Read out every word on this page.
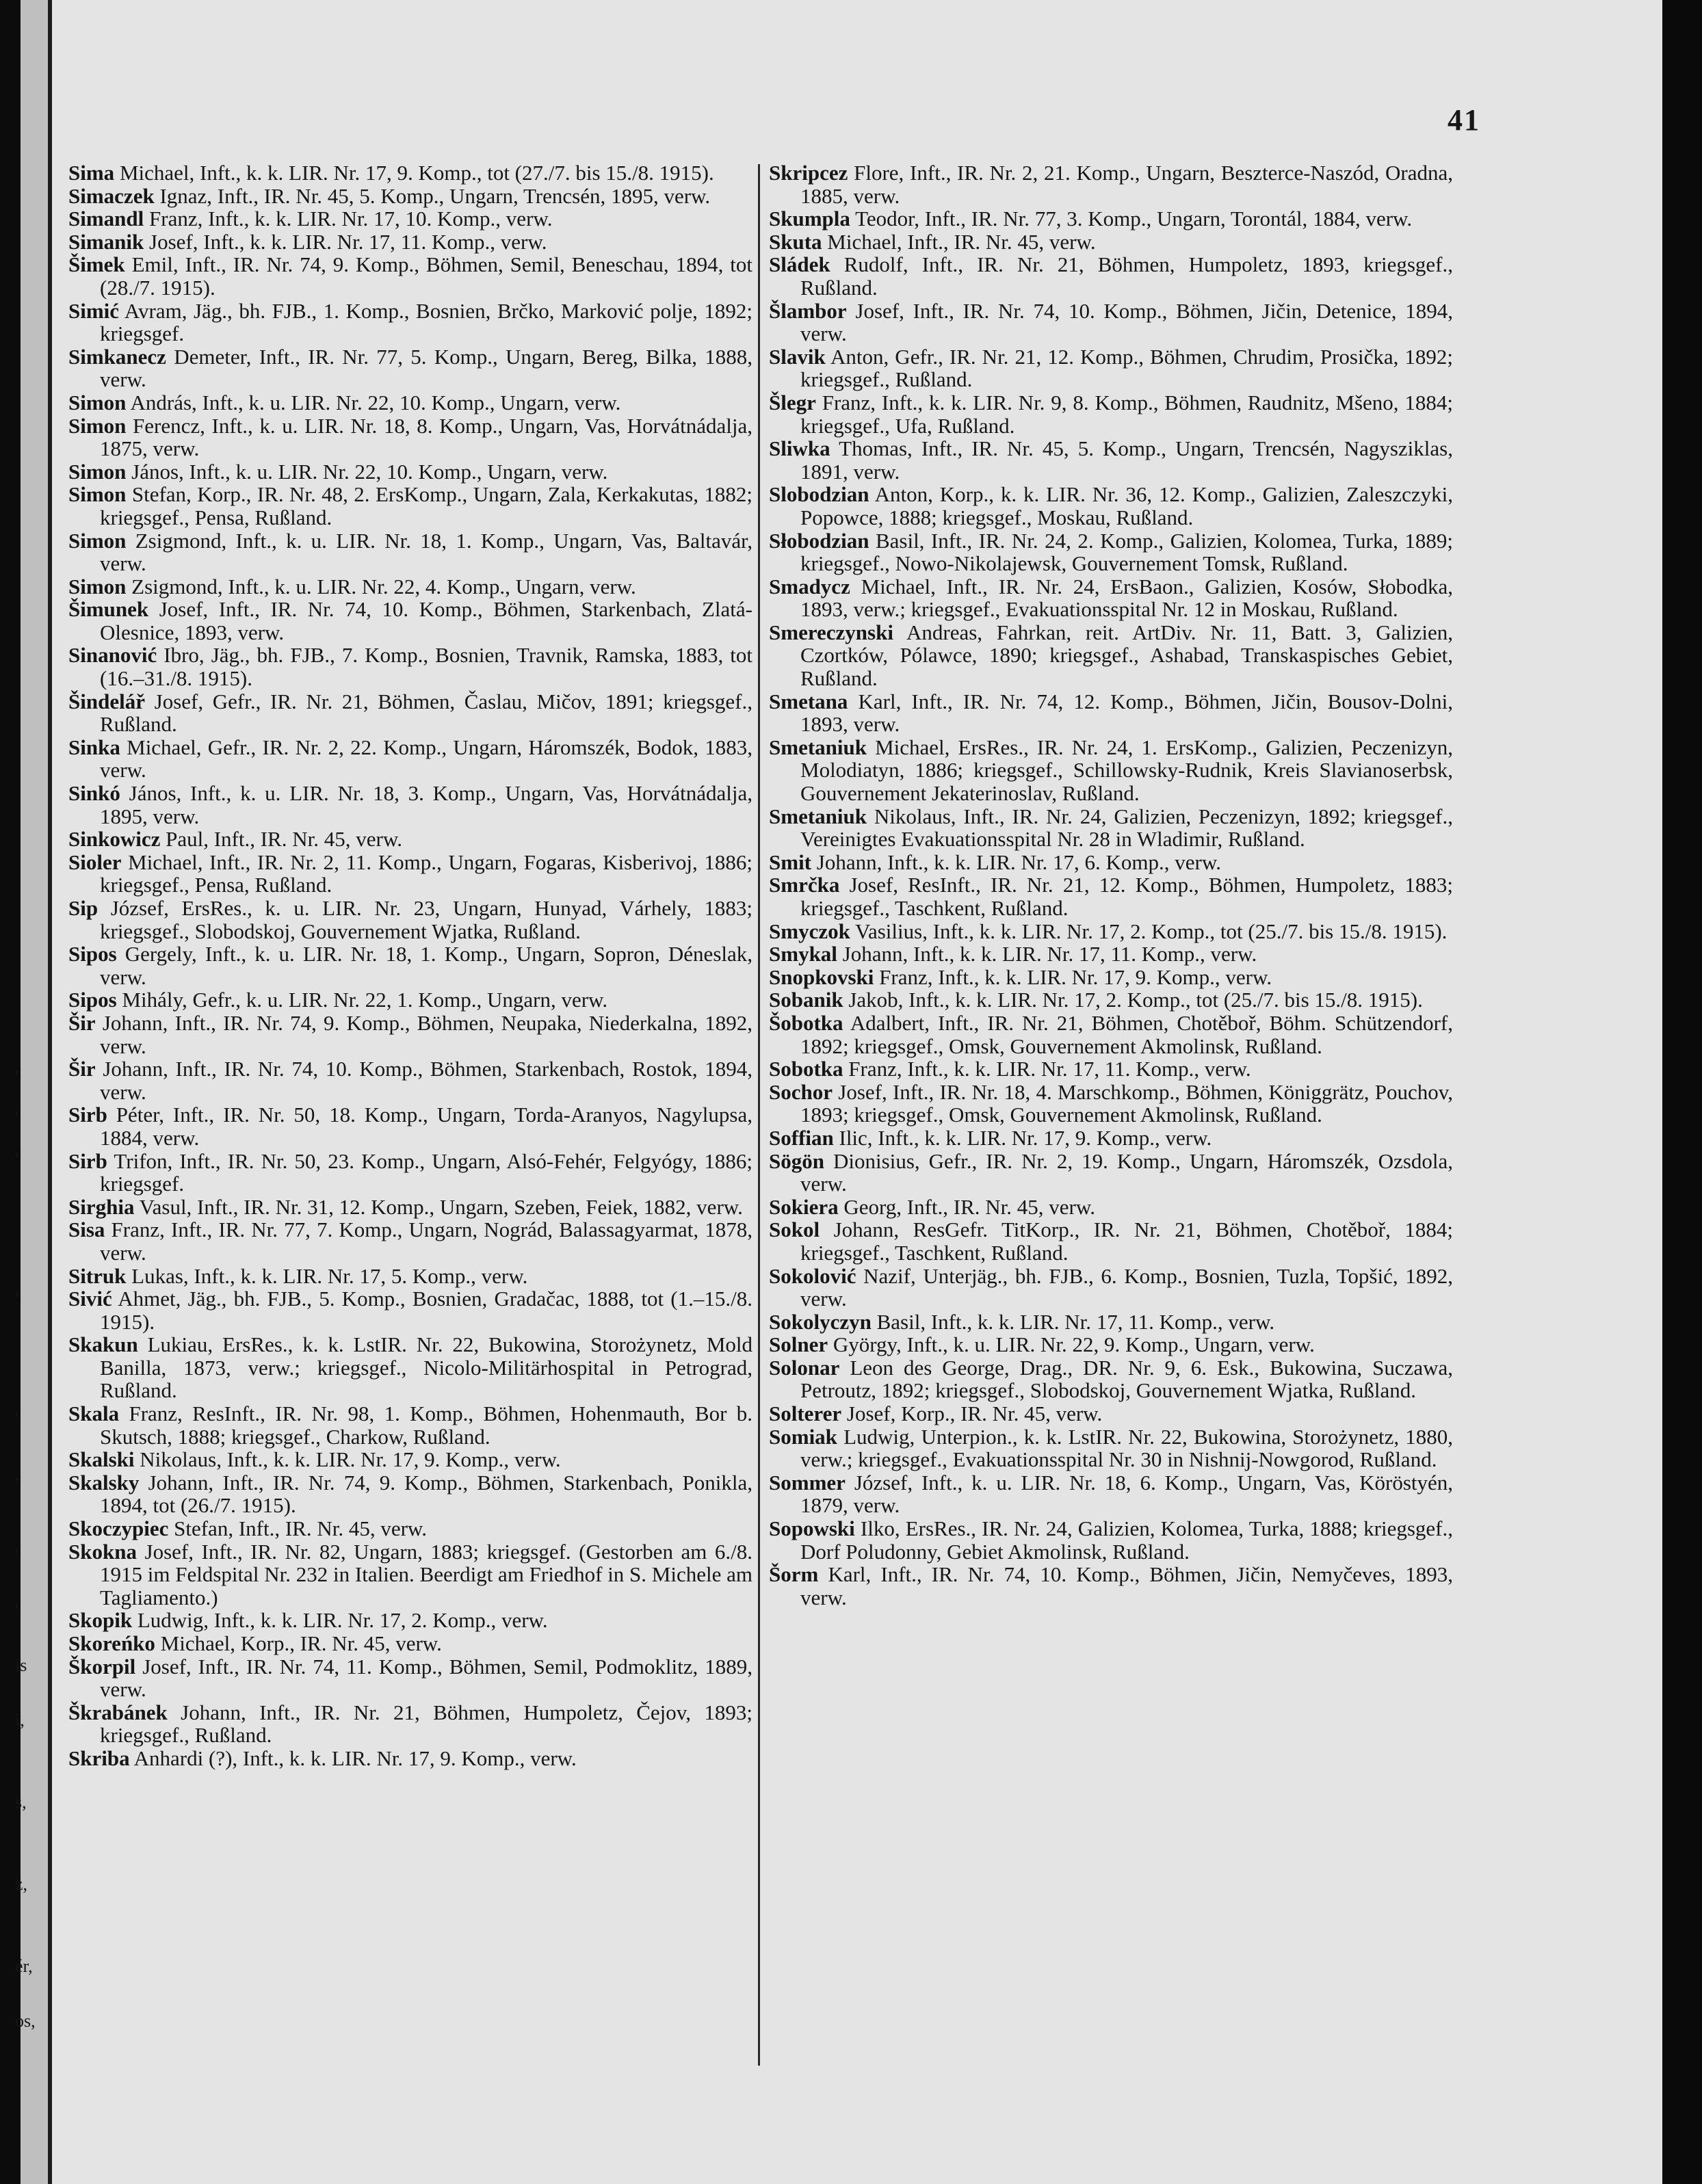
'
'
'
,
'
,
'
'
is
i,
s,
z,
ér,
os,
41

Sima Michael, Inft., k. k. LIR. Nr. 17, 9. Komp., tot (27./7. bis 15./8. 1915).

Simaczek Ignaz, Inft., IR. Nr. 45, 5. Komp., Ungarn, Trencsén, 1895, verw.

Simandl Franz, Inft., k. k. LIR. Nr. 17, 10. Komp., verw.

Simanik Josef, Inft., k. k. LIR. Nr. 17, 11. Komp., verw.

Šimek Emil, Inft., IR. Nr. 74, 9. Komp., Böhmen, Semil, Beneschau, 1894, tot (28./7. 1915).

Simić Avram, Jäg., bh. FJB., 1. Komp., Bosnien, Brčko, Marković polje, 1892; kriegsgef.

Simkanecz Demeter, Inft., IR. Nr. 77, 5. Komp., Ungarn, Bereg, Bilka, 1888, verw.

Simon András, Inft., k. u. LIR. Nr. 22, 10. Komp., Ungarn, verw.

Simon Ferencz, Inft., k. u. LIR. Nr. 18, 8. Komp., Ungarn, Vas, Horvátnádalja, 1875, verw.

Simon János, Inft., k. u. LIR. Nr. 22, 10. Komp., Ungarn, verw.

Simon Stefan, Korp., IR. Nr. 48, 2. ErsKomp., Ungarn, Zala, Kerkakutas, 1882; kriegsgef., Pensa, Rußland.

Simon Zsigmond, Inft., k. u. LIR. Nr. 18, 1. Komp., Ungarn, Vas, Baltavár, verw.

Simon Zsigmond, Inft., k. u. LIR. Nr. 22, 4. Komp., Ungarn, verw.

Šimunek Josef, Inft., IR. Nr. 74, 10. Komp., Böhmen, Starkenbach, Zlatá-Olesnice, 1893, verw.

Sinanović Ibro, Jäg., bh. FJB., 7. Komp., Bosnien, Travnik, Ramska, 1883, tot (16.–31./8. 1915).

Šindelář Josef, Gefr., IR. Nr. 21, Böhmen, Časlau, Mičov, 1891; kriegsgef., Rußland.

Sinka Michael, Gefr., IR. Nr. 2, 22. Komp., Ungarn, Háromszék, Bodok, 1883, verw.

Sinkó János, Inft., k. u. LIR. Nr. 18, 3. Komp., Ungarn, Vas, Horvátnádalja, 1895, verw.

Sinkowicz Paul, Inft., IR. Nr. 45, verw.

Sioler Michael, Inft., IR. Nr. 2, 11. Komp., Ungarn, Fogaras, Kisberivoj, 1886; kriegsgef., Pensa, Rußland.

Sip József, ErsRes., k. u. LIR. Nr. 23, Ungarn, Hunyad, Várhely, 1883; kriegsgef., Slobodskoj, Gouvernement Wjatka, Rußland.

Sipos Gergely, Inft., k. u. LIR. Nr. 18, 1. Komp., Ungarn, Sopron, Déneslak, verw.

Sipos Mihály, Gefr., k. u. LIR. Nr. 22, 1. Komp., Ungarn, verw.

Šir Johann, Inft., IR. Nr. 74, 9. Komp., Böhmen, Neupaka, Niederkalna, 1892, verw.

Šir Johann, Inft., IR. Nr. 74, 10. Komp., Böhmen, Starkenbach, Rostok, 1894, verw.

Sirb Péter, Inft., IR. Nr. 50, 18. Komp., Ungarn, Torda-Aranyos, Nagylupsa, 1884, verw.

Sirb Trifon, Inft., IR. Nr. 50, 23. Komp., Ungarn, Alsó-Fehér, Felgyógy, 1886; kriegsgef.

Sirghia Vasul, Inft., IR. Nr. 31, 12. Komp., Ungarn, Szeben, Feiek, 1882, verw.

Sisa Franz, Inft., IR. Nr. 77, 7. Komp., Ungarn, Nográd, Balassagyarmat, 1878, verw.

Sitruk Lukas, Inft., k. k. LIR. Nr. 17, 5. Komp., verw.

Sivić Ahmet, Jäg., bh. FJB., 5. Komp., Bosnien, Gradačac, 1888, tot (1.–15./8. 1915).

Skakun Lukiau, ErsRes., k. k. LstIR. Nr. 22, Bukowina, Storożynetz, Mold Banilla, 1873, verw.; kriegsgef., Nicolo-Militärhospital in Petrograd, Rußland.

Skala Franz, ResInft., IR. Nr. 98, 1. Komp., Böhmen, Hohenmauth, Bor b. Skutsch, 1888; kriegsgef., Charkow, Rußland.

Skalski Nikolaus, Inft., k. k. LIR. Nr. 17, 9. Komp., verw.

Skalsky Johann, Inft., IR. Nr. 74, 9. Komp., Böhmen, Starkenbach, Ponikla, 1894, tot (26./7. 1915).

Skoczypiec Stefan, Inft., IR. Nr. 45, verw.

Skokna Josef, Inft., IR. Nr. 82, Ungarn, 1883; kriegsgef. (Gestorben am 6./8. 1915 im Feldspital Nr. 232 in Italien. Beerdigt am Friedhof in S. Michele am Tagliamento.)

Skopik Ludwig, Inft., k. k. LIR. Nr. 17, 2. Komp., verw.

Skoreńko Michael, Korp., IR. Nr. 45, verw.

Škorpil Josef, Inft., IR. Nr. 74, 11. Komp., Böhmen, Semil, Podmoklitz, 1889, verw.

Škrabánek Johann, Inft., IR. Nr. 21, Böhmen, Humpoletz, Čejov, 1893; kriegsgef., Rußland.

Skriba Anhardi (?), Inft., k. k. LIR. Nr. 17, 9. Komp., verw.

Skripcez Flore, Inft., IR. Nr. 2, 21. Komp., Ungarn, Beszterce-Naszód, Oradna, 1885, verw.

Skumpla Teodor, Inft., IR. Nr. 77, 3. Komp., Ungarn, Torontál, 1884, verw.

Skuta Michael, Inft., IR. Nr. 45, verw.

Sládek Rudolf, Inft., IR. Nr. 21, Böhmen, Humpoletz, 1893, kriegsgef., Rußland.

Šlambor Josef, Inft., IR. Nr. 74, 10. Komp., Böhmen, Jičin, Detenice, 1894, verw.

Slavik Anton, Gefr., IR. Nr. 21, 12. Komp., Böhmen, Chrudim, Prosička, 1892; kriegsgef., Rußland.

Šlegr Franz, Inft., k. k. LIR. Nr. 9, 8. Komp., Böhmen, Raudnitz, Mšeno, 1884; kriegsgef., Ufa, Rußland.

Sliwka Thomas, Inft., IR. Nr. 45, 5. Komp., Ungarn, Trencsén, Nagysziklas, 1891, verw.

Slobodzian Anton, Korp., k. k. LIR. Nr. 36, 12. Komp., Galizien, Zaleszczyki, Popowce, 1888; kriegsgef., Moskau, Rußland.

Słobodzian Basil, Inft., IR. Nr. 24, 2. Komp., Galizien, Kolomea, Turka, 1889; kriegsgef., Nowo-Nikolajewsk, Gouvernement Tomsk, Rußland.

Smadycz Michael, Inft., IR. Nr. 24, ErsBaon., Galizien, Kosów, Słobodka, 1893, verw.; kriegsgef., Evakuationsspital Nr. 12 in Moskau, Rußland.

Smereczynski Andreas, Fahrkan, reit. ArtDiv. Nr. 11, Batt. 3, Galizien, Czortków, Pólawce, 1890; kriegsgef., Ashabad, Transkaspisches Gebiet, Rußland.

Smetana Karl, Inft., IR. Nr. 74, 12. Komp., Böhmen, Jičin, Bousov-Dolni, 1893, verw.

Smetaniuk Michael, ErsRes., IR. Nr. 24, 1. ErsKomp., Galizien, Peczenizyn, Molodiatyn, 1886; kriegsgef., Schillowsky-Rudnik, Kreis Slavianoserbsk, Gouvernement Jekaterinoslav, Rußland.

Smetaniuk Nikolaus, Inft., IR. Nr. 24, Galizien, Peczenizyn, 1892; kriegsgef., Vereinigtes Evakuationsspital Nr. 28 in Wladimir, Rußland.

Smit Johann, Inft., k. k. LIR. Nr. 17, 6. Komp., verw.

Smrčka Josef, ResInft., IR. Nr. 21, 12. Komp., Böhmen, Humpoletz, 1883; kriegsgef., Taschkent, Rußland.

Smyczok Vasilius, Inft., k. k. LIR. Nr. 17, 2. Komp., tot (25./7. bis 15./8. 1915).

Smykal Johann, Inft., k. k. LIR. Nr. 17, 11. Komp., verw.

Snopkovski Franz, Inft., k. k. LIR. Nr. 17, 9. Komp., verw.

Sobanik Jakob, Inft., k. k. LIR. Nr. 17, 2. Komp., tot (25./7. bis 15./8. 1915).

Šobotka Adalbert, Inft., IR. Nr. 21, Böhmen, Chotěboř, Böhm. Schützendorf, 1892; kriegsgef., Omsk, Gouvernement Akmolinsk, Rußland.

Sobotka Franz, Inft., k. k. LIR. Nr. 17, 11. Komp., verw.

Sochor Josef, Inft., IR. Nr. 18, 4. Marschkomp., Böhmen, Königgrätz, Pouchov, 1893; kriegsgef., Omsk, Gouvernement Akmolinsk, Rußland.

Soffian Ilic, Inft., k. k. LIR. Nr. 17, 9. Komp., verw.

Sögön Dionisius, Gefr., IR. Nr. 2, 19. Komp., Ungarn, Háromszék, Ozsdola, verw.

Sokiera Georg, Inft., IR. Nr. 45, verw.

Sokol Johann, ResGefr. TitKorp., IR. Nr. 21, Böhmen, Chotěboř, 1884; kriegsgef., Taschkent, Rußland.

Sokolović Nazif, Unterjäg., bh. FJB., 6. Komp., Bosnien, Tuzla, Topšić, 1892, verw.

Sokolyczyn Basil, Inft., k. k. LIR. Nr. 17, 11. Komp., verw.

Solner György, Inft., k. u. LIR. Nr. 22, 9. Komp., Ungarn, verw.

Solonar Leon des George, Drag., DR. Nr. 9, 6. Esk., Bukowina, Suczawa, Petroutz, 1892; kriegsgef., Slobodskoj, Gouvernement Wjatka, Rußland.

Solterer Josef, Korp., IR. Nr. 45, verw.

Somiak Ludwig, Unterpion., k. k. LstIR. Nr. 22, Bukowina, Storożynetz, 1880, verw.; kriegsgef., Evakuationsspital Nr. 30 in Nishnij-Nowgorod, Rußland.

Sommer József, Inft., k. u. LIR. Nr. 18, 6. Komp., Ungarn, Vas, Köröstyén, 1879, verw.

Sopowski Ilko, ErsRes., IR. Nr. 24, Galizien, Kolomea, Turka, 1888; kriegsgef., Dorf Poludonny, Gebiet Akmolinsk, Rußland.

Šorm Karl, Inft., IR. Nr. 74, 10. Komp., Böhmen, Jičin, Nemyčeves, 1893, verw.
